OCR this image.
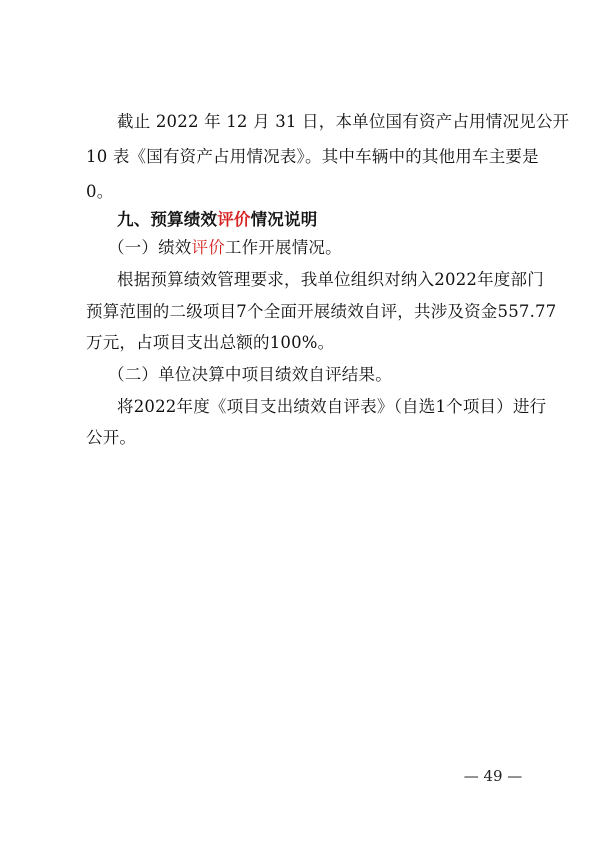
截止 2022 年 12 月 31 日，本单位国有资产占用情况见公开
10 表《国有资产占用情况表》。其中车辆中的其他用车主要是
0。
九、预算绩效评价情况说明
（一）绩效评价工作开展情况。
根据预算绩效管理要求，我单位组织对纳入2022年度部门
预算范围的二级项目7个全面开展绩效自评，共涉及资金557.77
万元，占项目支出总额的100%。
（二）单位决算中项目绩效自评结果。
将2022年度《项目支出绩效自评表》（自选1个项目）进行
公开。
— 49 —
